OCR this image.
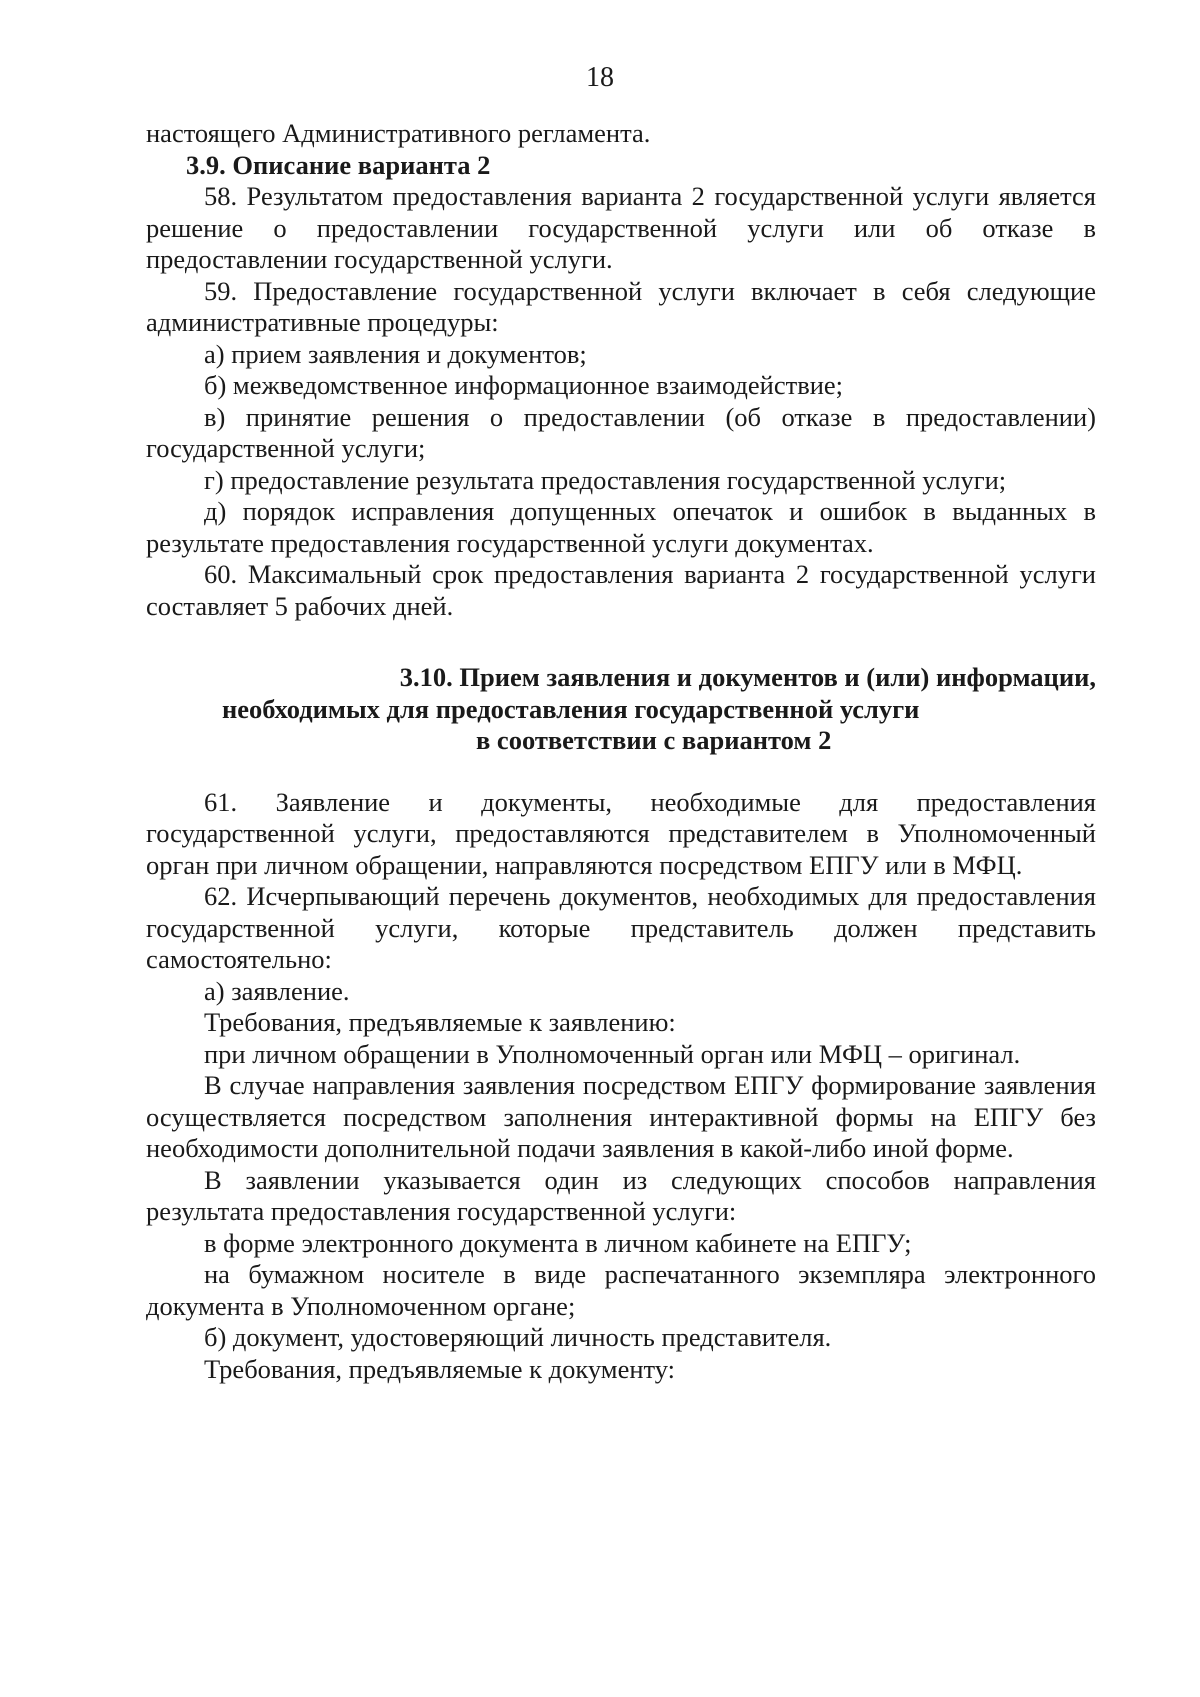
18

настоящего Административного регламента.

3.9. Описание варианта 2

58. Результатом предоставления варианта 2 государственной услуги является решение о предоставлении государственной услуги или об отказе в предоставлении государственной услуги.

59. Предоставление государственной услуги включает в себя следующие административные процедуры:

а) прием заявления и документов;

б) межведомственное информационное взаимодействие;

в) принятие решения о предоставлении (об отказе в предоставлении) государственной услуги;

г) предоставление результата предоставления государственной услуги;

д) порядок исправления допущенных опечаток и ошибок в выданных в результате предоставления государственной услуги документах.

60. Максимальный срок предоставления варианта 2 государственной услуги составляет 5 рабочих дней.

3.10. Прием заявления и документов и (или) информации,
необходимых для предоставления государственной услуги
в соответствии с вариантом 2

61. Заявление и документы, необходимые для предоставления государственной услуги, предоставляются представителем в Уполномоченный орган при личном обращении, направляются посредством ЕПГУ или в МФЦ.

62. Исчерпывающий перечень документов, необходимых для предоставления государственной услуги, которые представитель должен представить самостоятельно:

а) заявление.

Требования, предъявляемые к заявлению:

при личном обращении в Уполномоченный орган или МФЦ – оригинал.

В случае направления заявления посредством ЕПГУ формирование заявления осуществляется посредством заполнения интерактивной формы на ЕПГУ без необходимости дополнительной подачи заявления в какой-либо иной форме.

В заявлении указывается один из следующих способов направления результата предоставления государственной услуги:

в форме электронного документа в личном кабинете на ЕПГУ;

на бумажном носителе в виде распечатанного экземпляра электронного документа в Уполномоченном органе;

б) документ, удостоверяющий личность представителя.

Требования, предъявляемые к документу:
